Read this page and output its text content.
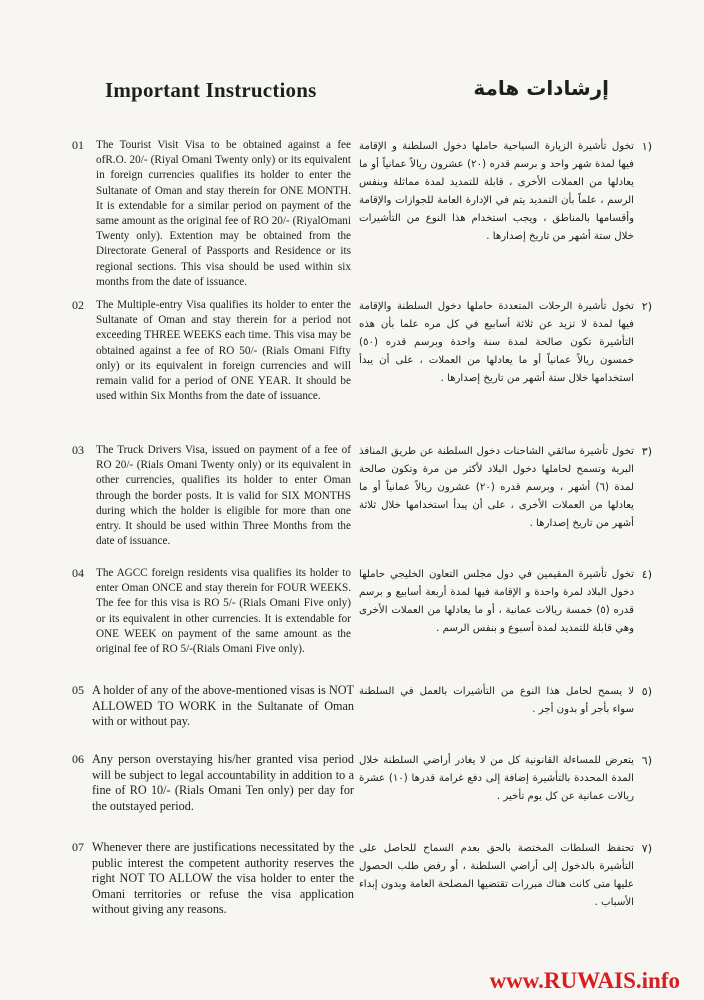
Important Instructions	إرشادات هامة
01 The Tourist Visit Visa to be obtained against a fee ofR.O. 20/- (Riyal Omani Twenty only) or its equivalent in foreign currencies qualifies its holder to enter the Sultanate of Oman and stay therein for ONE MONTH. It is extendable for a similar period on payment of the same amount as the original fee of RO 20/- (RiyalOmani Twenty only). Extention may be obtained from the Directorate General of Passports and Residence or its regional sections. This visa should be used within six months from the date of issuance.
١)
تخول تأشيرة الزيارة السياحية حاملها دخول السلطنة و الإقامة فيها لمدة شهر واحد و برسم قدره (٢٠) عشرون ريالاً عمانياً أو ما يعادلها من العملات الأخرى ، قابلة للتمديد لمدة مماثلة وبنفس الرسم ، علماً بأن التمديد يتم في الإدارة العامة للجوازات والإقامة وأقسامها بالمناطق ، ويجب استخدام هذا النوع من التأشيرات خلال ستة أشهر من تاريخ إصدارها .
02 The Multiple-entry Visa qualifies its holder to enter the Sultanate of Oman and stay therein for a period not exceeding THREE WEEKS each time. This visa may be obtained against a fee of RO 50/- (Rials Omani Fifty only) or its equivalent in foreign currencies and will remain valid for a period of ONE YEAR. It should be used within Six Months from the date of issuance.
٢)
تخول تأشيرة الرحلات المتعددة حاملها دخول السلطنة والإقامة فيها لمدة لا تزيد عن ثلاثة أسابيع في كل مره علما بأن هذه التأشيرة تكون صالحة لمدة سنة واحدة وبرسم قدره (٥٠) خمسون ريالاً عمانياً أو ما يعادلها من العملات ، على أن يبدأ استخدامها خلال ستة أشهر من تاريخ إصدارها .
03 The Truck Drivers Visa, issued on payment of a fee of RO 20/- (Rials Omani Twenty only) or its equivalent in other currencies, qualifies its holder to enter Oman through the border posts. It is valid for SIX MONTHS during which the holder is eligible for more than one entry. It should be used within Three Months from the date of issuance.
٣)
تخول تأشيرة سائقي الشاحنات دخول السلطنة عن طريق المنافذ البرية وتسمح لحاملها دخول البلاد لأكثر من مرة وتكون صالحة لمدة (٦) أشهر ، وبرسم قدره (٢٠) عشرون ريالاً عمانياً أو ما يعادلها من العملات الأخرى ، على أن يبدأ استخدامها خلال ثلاثة أشهر من تاريخ إصدارها .
04 The AGCC foreign residents visa qualifies its holder to enter Oman ONCE and stay therein for FOUR WEEKS. The fee for this visa is RO 5/- (Rials Omani Five only) or its equivalent in other currencies. It is extendable for ONE WEEK on payment of the same amount as the original fee of RO 5/-(Rials Omani Five only).
٤)
تخول تأشيرة المقيمين في دول مجلس التعاون الخليجي حاملها دخول البلاد لمرة واحدة و الإقامة فيها لمدة أربعة أسابيع و برسم قدره (٥) خمسة ريالات عمانية ، أو ما يعادلها من العملات الأخرى وهي قابلة للتمديد لمدة أسبوع و بنفس الرسم .
05 A holder of any of the above-mentioned visas is NOT ALLOWED TO WORK in the Sultanate of Oman with or without pay.
٥)
لا يسمح لحامل هذا النوع من التأشيرات بالعمل في السلطنة سواء بأجر أو بدون أجر .
06 Any person overstaying his/her granted visa period will be subject to legal accountability in addition to a fine of RO 10/- (Rials Omani Ten only) per day for the outstayed period.
٦)
يتعرض للمساءلة القانونية كل من لا يغادر أراضي السلطنة خلال المدة المحددة بالتأشيرة إضافة إلى دفع غرامة قدرها (١٠) عشرة ريالات عمانية عن كل يوم تأخير .
07 Whenever there are justifications necessitated by the public interest the competent authority reserves the right NOT TO ALLOW the visa holder to enter the Omani territories or refuse the visa application without giving any reasons.
٧)
تحتفظ السلطات المختصة بالحق بعدم السماح للحاصل على التأشيرة بالدخول إلى أراضي السلطنة ، أو رفض طلب الحصول عليها متى كانت هناك مبررات تقتضيها المصلحة العامة وبدون إبداء الأسباب .
www.RUWAIS.info
